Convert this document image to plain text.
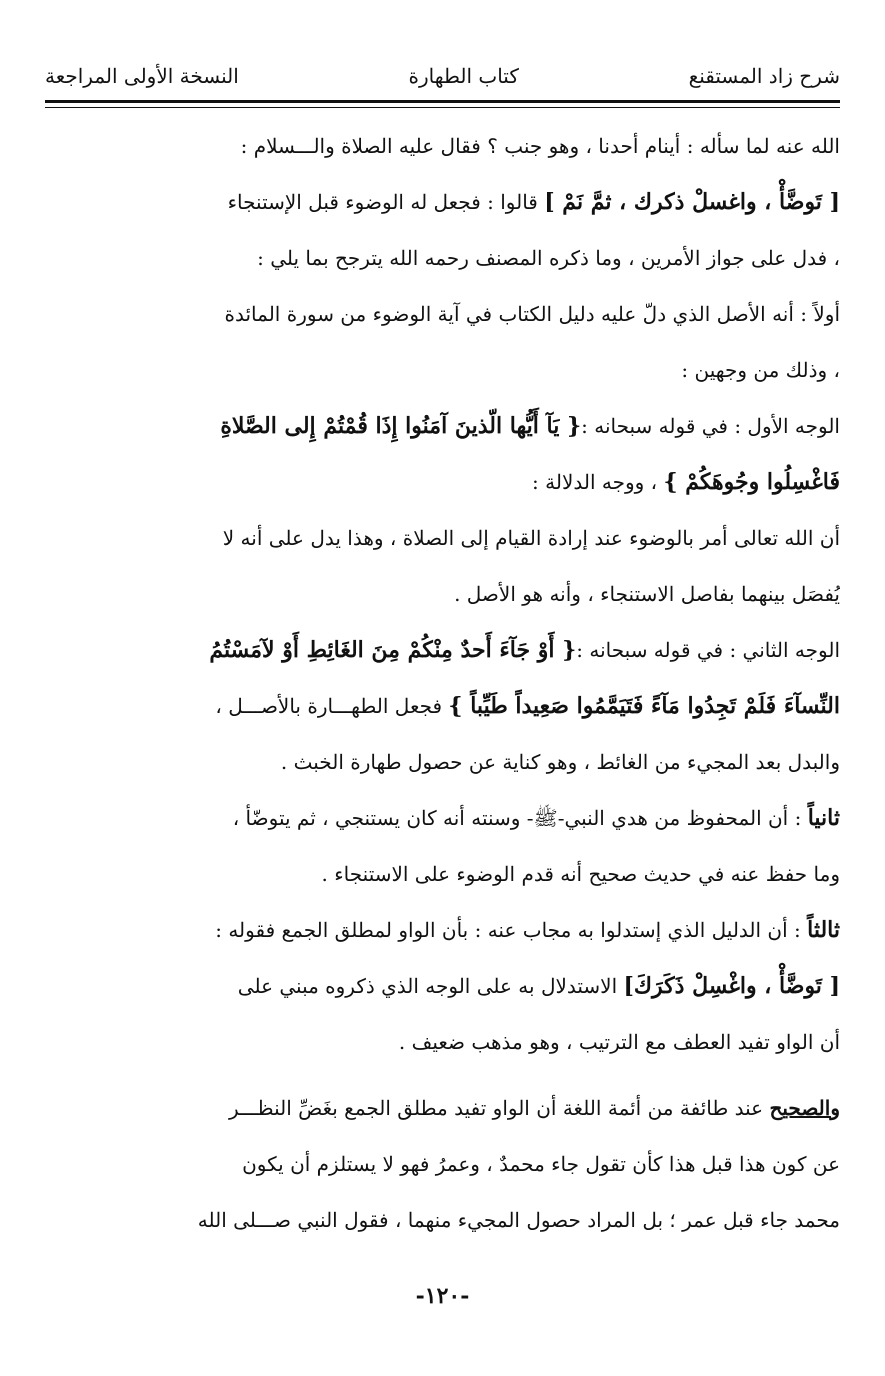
شرح زاد المستقنع
كتاب الطهارة
النسخة الأولى المراجعة
الله عنه لما سأله : أينام أحدنا ، وهو جنب ؟ فقال عليه الصلاة والـــسلام :
[ تَوضَّأْ ، واغسلْ ذكرك ، ثمَّ نَمْ ] قالوا : فجعل له الوضوء قبل الإستنجاء
، فدل على جواز الأمرين ، وما ذكره المصنف رحمه الله يترجح بما يلي :
أولاً : أنه الأصل الذي دلّ عليه دليل الكتاب في آية الوضوء من سورة المائدة
، وذلك من وجهين :
الوجه الأول : في قوله سبحانه :{ يَآ أَيُّها الّذينَ آمَنُوا إِذَا قُمْتُمْ إِلى الصَّلاةِ
فَاغْسِلُوا وجُوهَكُمْ } ، ووجه الدلالة :
أن الله تعالى أمر بالوضوء عند إرادة القيام إلى الصلاة ، وهذا يدل على أنه لا
يُفصَل بينهما بفاصل الاستنجاء ، وأنه هو الأصل .
الوجه الثاني : في قوله سبحانه :{ أَوْ جَآءَ أَحدٌ مِنْكُمْ مِنَ الغَائِطِ أَوْ لآمَسْتُمُ
النِّسآءَ فَلَمْ تَجِدُوا مَآءً فَتَيَمَّمُوا صَعِيداً طَيِّباً } فجعل الطهـــارة بالأصـــل ،
والبدل بعد المجيء من الغائط ، وهو كناية عن حصول طهارة الخبث .
ثانياً : أن المحفوظ من هدي النبي-ﷺ- وسنته أنه كان يستنجي ، ثم يتوضّأ ،
وما حفظ عنه في حديث صحيح أنه قدم الوضوء على الاستنجاء .
ثالثاً : أن الدليل الذي إستدلوا به مجاب عنه : بأن الواو لمطلق الجمع فقوله :
[ تَوضَّأْ ، واغْسِلْ ذَكَرَكَ] الاستدلال به على الوجه الذي ذكروه مبني على
أن الواو تفيد العطف مع الترتيب ، وهو مذهب ضعيف .
والصحيح عند طائفة من أئمة اللغة أن الواو تفيد مطلق الجمع بغَضِّ النظـــر
عن كون هذا قبل هذا كأن تقول جاء محمدٌ ، وعمرُ فهو لا يستلزم أن يكون
محمد جاء قبل عمر ؛ بل المراد حصول المجيء منهما ، فقول النبي صـــلى الله
-١٢٠-
